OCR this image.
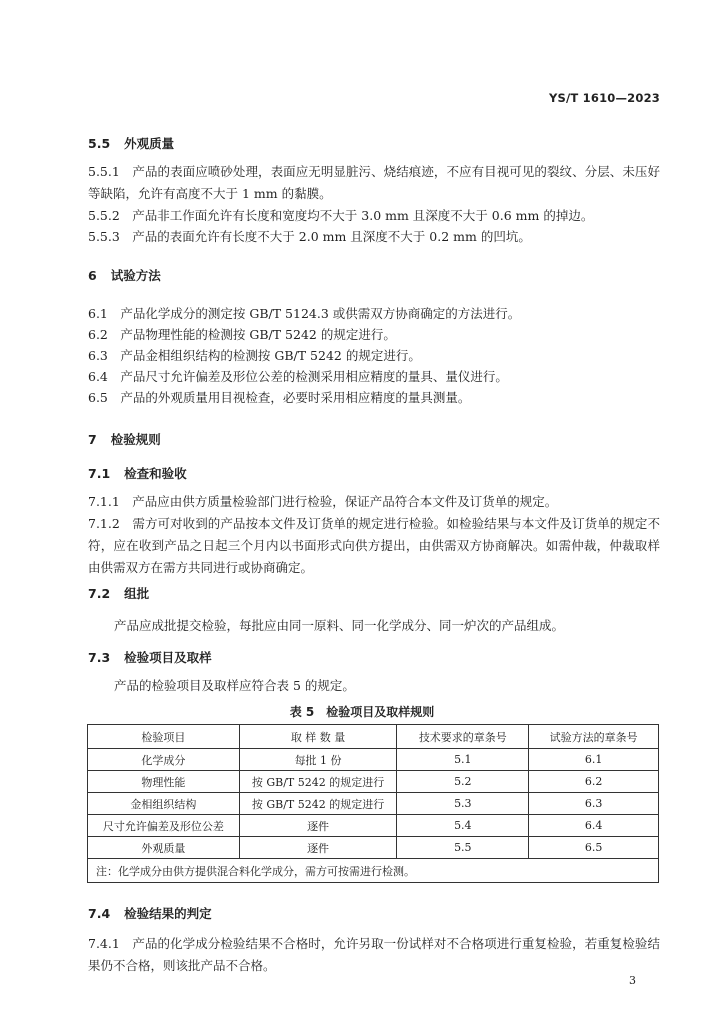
YS/T 1610—2023
5.5 外观质量
5.5.1　产品的表面应喷砂处理，表面应无明显脏污、烧结痕迹，不应有目视可见的裂纹、分层、未压好等缺陷，允许有高度不大于 1 mm 的黏膜。
5.5.2　产品非工作面允许有长度和宽度均不大于 3.0 mm 且深度不大于 0.6 mm 的掉边。
5.5.3　产品的表面允许有长度不大于 2.0 mm 且深度不大于 0.2 mm 的凹坑。
6 试验方法
6.1　产品化学成分的测定按 GB/T 5124.3 或供需双方协商确定的方法进行。
6.2　产品物理性能的检测按 GB/T 5242 的规定进行。
6.3　产品金相组织结构的检测按 GB/T 5242 的规定进行。
6.4　产品尺寸允许偏差及形位公差的检测采用相应精度的量具、量仪进行。
6.5　产品的外观质量用目视检查，必要时采用相应精度的量具测量。
7 检验规则
7.1 检查和验收
7.1.1　产品应由供方质量检验部门进行检验，保证产品符合本文件及订货单的规定。
7.1.2　需方可对收到的产品按本文件及订货单的规定进行检验。如检验结果与本文件及订货单的规定不符，应在收到产品之日起三个月内以书面形式向供方提出，由供需双方协商解决。如需仲裁，仲裁取样由供需双方在需方共同进行或协商确定。
7.2 组批
产品应成批提交检验，每批应由同一原料、同一化学成分、同一炉次的产品组成。
7.3 检验项目及取样
产品的检验项目及取样应符合表 5 的规定。
表 5　检验项目及取样规则
检验项目	取 样 数 量	技术要求的章条号	试验方法的章条号
化学成分	每批 1 份	5.1	6.1
物理性能	按 GB/T 5242 的规定进行	5.2	6.2
金相组织结构	按 GB/T 5242 的规定进行	5.3	6.3
尺寸允许偏差及形位公差	逐件	5.4	6.4
外观质量	逐件	5.5	6.5
注：化学成分由供方提供混合料化学成分，需方可按需进行检测。			
7.4 检验结果的判定
7.4.1　产品的化学成分检验结果不合格时，允许另取一份试样对不合格项进行重复检验，若重复检验结果仍不合格，则该批产品不合格。
3
